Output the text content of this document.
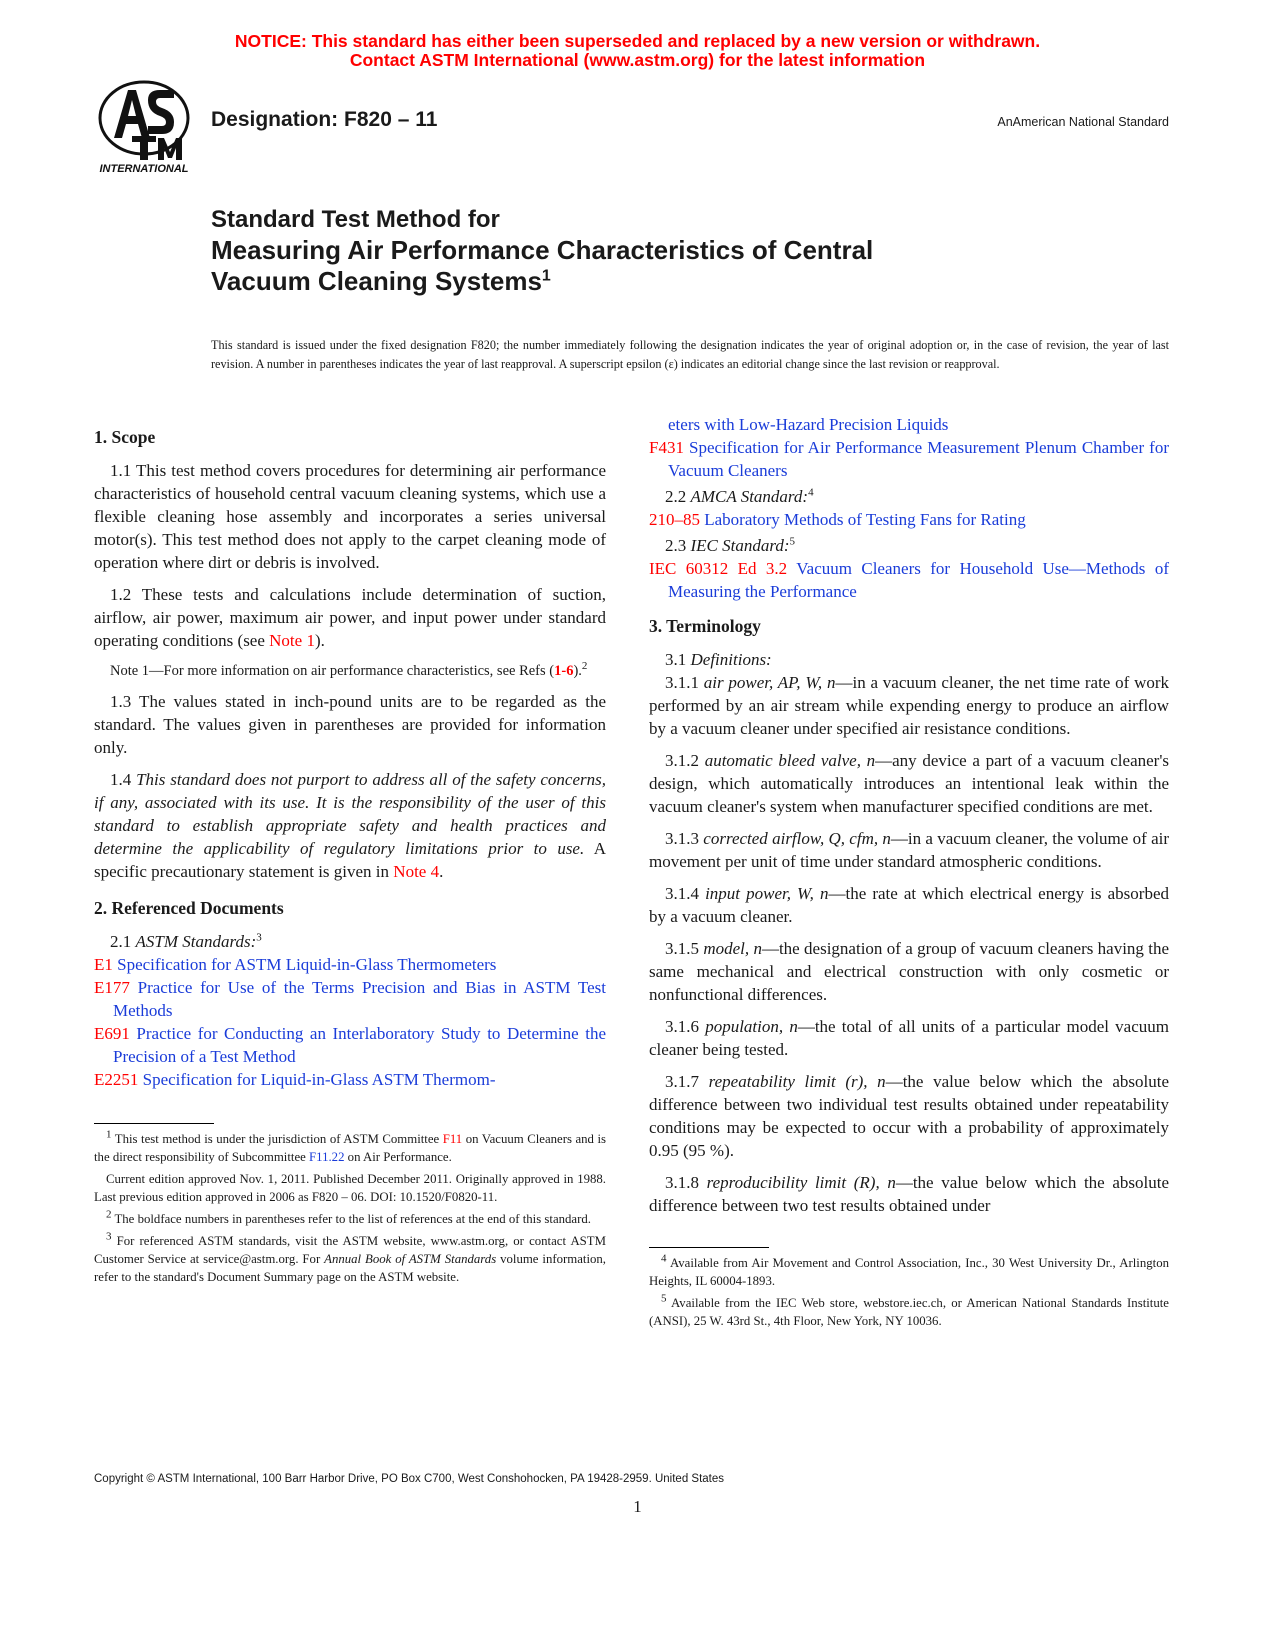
NOTICE: This standard has either been superseded and replaced by a new version or withdrawn.
Contact ASTM International (www.astm.org) for the latest information
INTERNATIONAL
Designation: F820 – 11	AnAmerican National Standard
Standard Test Method for
Measuring Air Performance Characteristics of Central
Vacuum Cleaning Systems$^1$
This standard is issued under the fixed designation F820; the number immediately following the designation indicates the year of original adoption or, in the case of revision, the year of last revision. A number in parentheses indicates the year of last reapproval. A superscript epsilon (ε) indicates an editorial change since the last revision or reapproval.
1. Scope

1.1 This test method covers procedures for determining air performance characteristics of household central vacuum cleaning systems, which use a flexible cleaning hose assembly and incorporates a series universal motor(s). This test method does not apply to the carpet cleaning mode of operation where dirt or debris is involved.

1.2 These tests and calculations include determination of suction, airflow, air power, maximum air power, and input power under standard operating conditions (see Note 1).

Note 1—For more information on air performance characteristics, see Refs (1-6).$^2$

1.3 The values stated in inch-pound units are to be regarded as the standard. The values given in parentheses are provided for information only.

1.4 This standard does not purport to address all of the safety concerns, if any, associated with its use. It is the responsibility of the user of this standard to establish appropriate safety and health practices and determine the applicability of regulatory limitations prior to use. A specific precautionary statement is given in Note 4.

2. Referenced Documents

2.1 ASTM Standards:$^3$

E1 Specification for ASTM Liquid-in-Glass Thermometers

E177 Practice for Use of the Terms Precision and Bias in ASTM Test Methods

E691 Practice for Conducting an Interlaboratory Study to Determine the Precision of a Test Method

E2251 Specification for Liquid-in-Glass ASTM Thermom-

$^1$ This test method is under the jurisdiction of ASTM Committee F11 on Vacuum Cleaners and is the direct responsibility of Subcommittee F11.22 on Air Performance.

Current edition approved Nov. 1, 2011. Published December 2011. Originally approved in 1988. Last previous edition approved in 2006 as F820 – 06. DOI: 10.1520/F0820-11.

$^2$ The boldface numbers in parentheses refer to the list of references at the end of this standard.

$^3$ For referenced ASTM standards, visit the ASTM website, www.astm.org, or contact ASTM Customer Service at service@astm.org. For Annual Book of ASTM Standards volume information, refer to the standard's Document Summary page on the ASTM website.

eters with Low-Hazard Precision Liquids

F431 Specification for Air Performance Measurement Plenum Chamber for Vacuum Cleaners

2.2 AMCA Standard:$^4$

210–85 Laboratory Methods of Testing Fans for Rating

2.3 IEC Standard:$^5$

IEC 60312 Ed 3.2 Vacuum Cleaners for Household Use—Methods of Measuring the Performance

3. Terminology

3.1 Definitions:

3.1.1 air power, AP, W, n—in a vacuum cleaner, the net time rate of work performed by an air stream while expending energy to produce an airflow by a vacuum cleaner under specified air resistance conditions.

3.1.2 automatic bleed valve, n—any device a part of a vacuum cleaner's design, which automatically introduces an intentional leak within the vacuum cleaner's system when manufacturer specified conditions are met.

3.1.3 corrected airflow, Q, cfm, n—in a vacuum cleaner, the volume of air movement per unit of time under standard atmospheric conditions.

3.1.4 input power, W, n—the rate at which electrical energy is absorbed by a vacuum cleaner.

3.1.5 model, n—the designation of a group of vacuum cleaners having the same mechanical and electrical construction with only cosmetic or nonfunctional differences.

3.1.6 population, n—the total of all units of a particular model vacuum cleaner being tested.

3.1.7 repeatability limit (r), n—the value below which the absolute difference between two individual test results obtained under repeatability conditions may be expected to occur with a probability of approximately 0.95 (95 %).

3.1.8 reproducibility limit (R), n—the value below which the absolute difference between two test results obtained under

$^4$ Available from Air Movement and Control Association, Inc., 30 West University Dr., Arlington Heights, IL 60004-1893.

$^5$ Available from the IEC Web store, webstore.iec.ch, or American National Standards Institute (ANSI), 25 W. 43rd St., 4th Floor, New York, NY 10036.

Copyright © ASTM International, 100 Barr Harbor Drive, PO Box C700, West Conshohocken, PA 19428-2959. United States
1
